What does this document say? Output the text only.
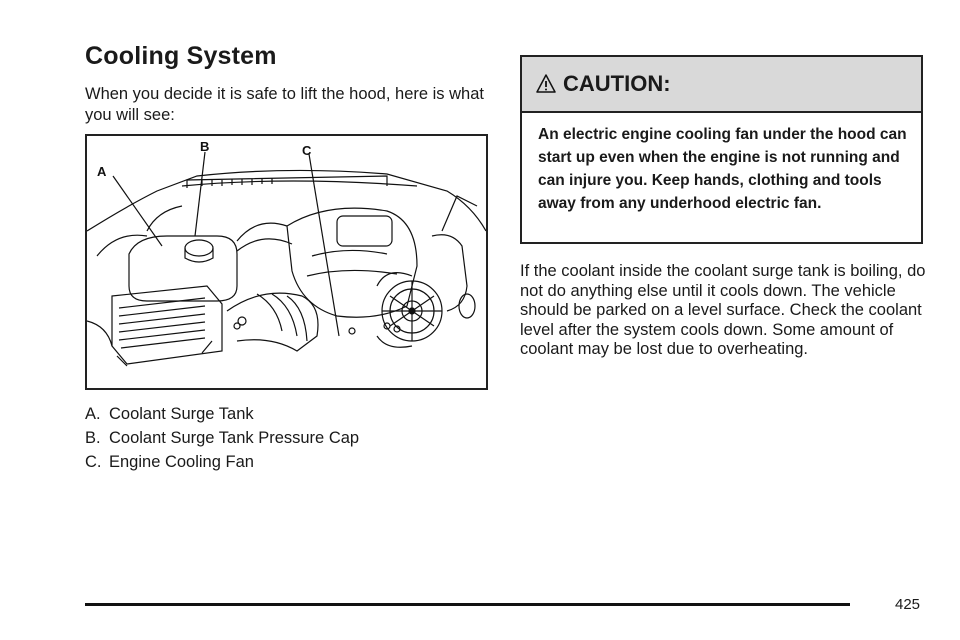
Cooling System
When you decide it is safe to lift the hood, here is what you will see:
A
B	C
A. Coolant Surge Tank
B. Coolant Surge Tank Pressure Cap
C. Engine Cooling Fan
CAUTION:
An electric engine cooling fan under the hood can start up even when the engine is not running and can injure you. Keep hands, clothing and tools away from any underhood electric fan.
If the coolant inside the coolant surge tank is boiling, do not do anything else until it cools down. The vehicle should be parked on a level surface. Check the coolant level after the system cools down. Some amount of coolant may be lost due to overheating.
425
